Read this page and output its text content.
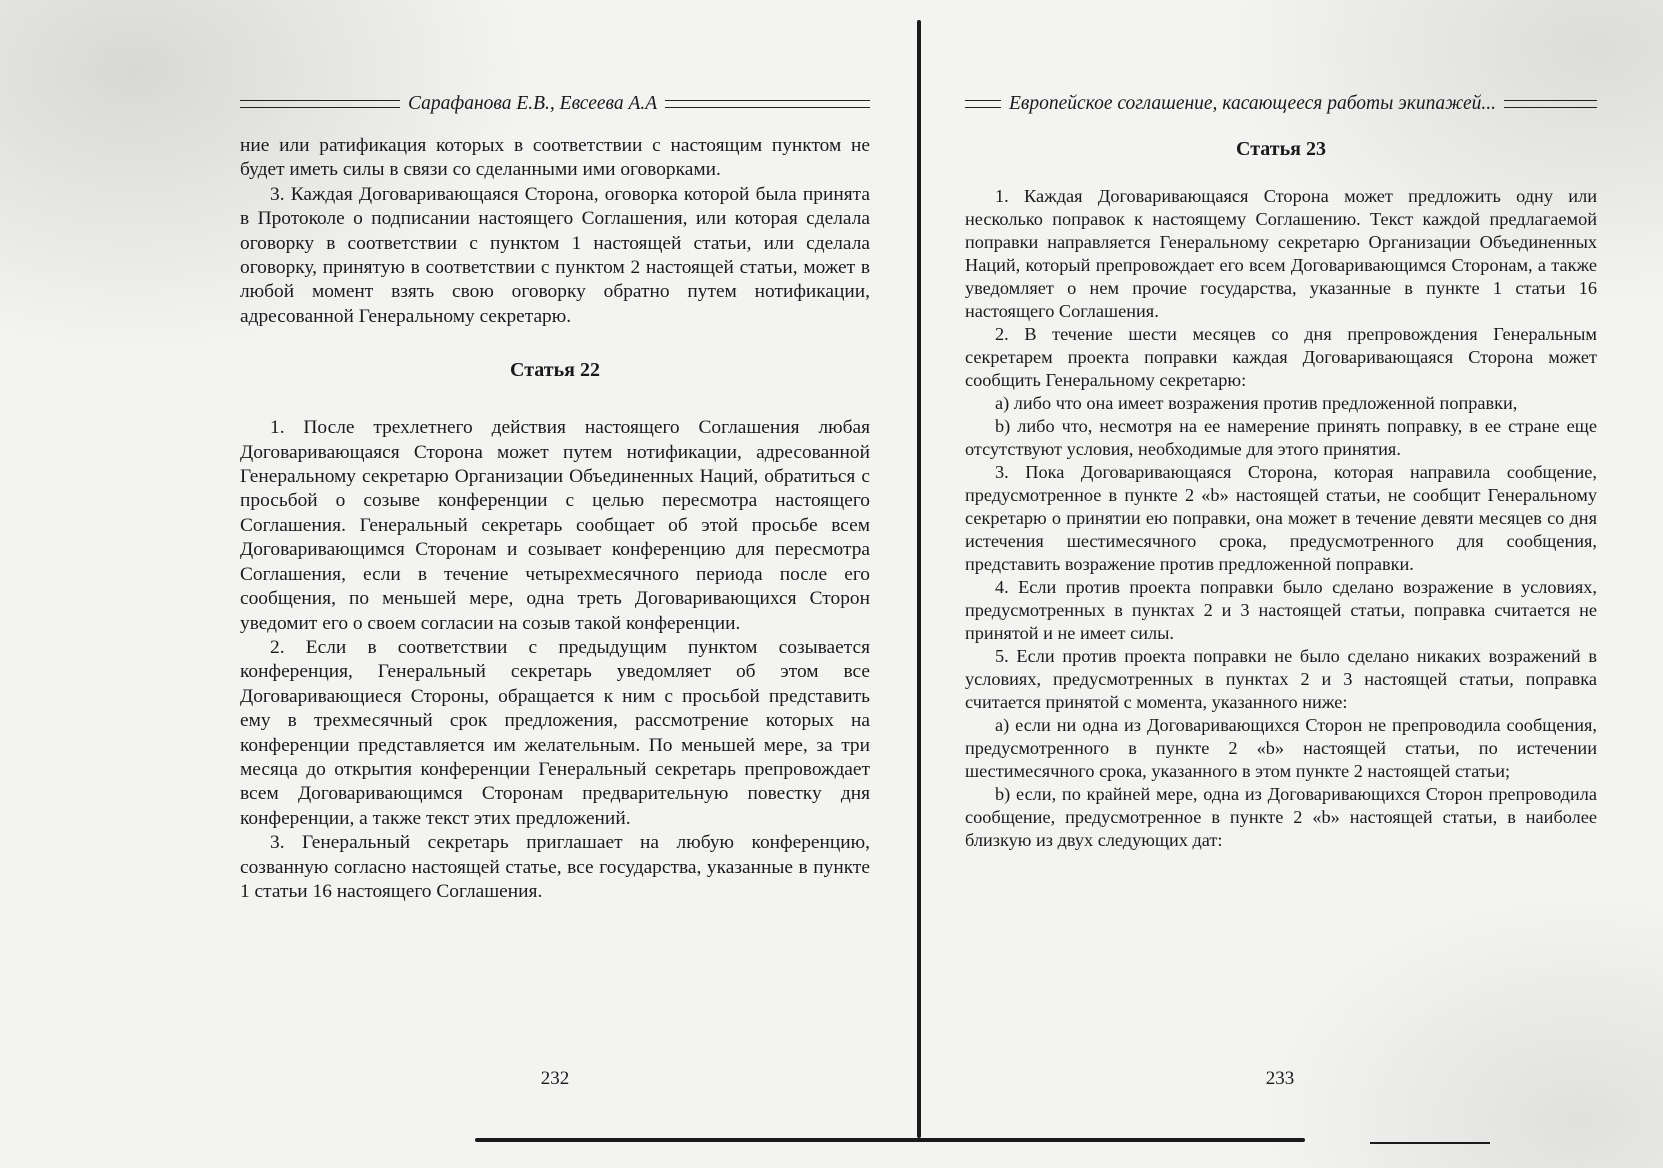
Сарафанова Е.В., Евсеева А.А

ние или ратификация которых в соответствии с настоящим пунктом не будет иметь силы в связи со сделанными ими оговорками.

3. Каждая Договаривающаяся Сторона, оговорка которой была принята в Протоколе о подписании настоящего Соглашения, или которая сделала оговорку в соответствии с пунктом 1 настоящей статьи, или сделала оговорку, принятую в соответствии с пунктом 2 настоящей статьи, может в любой момент взять свою оговорку обратно путем нотификации, адресованной Генеральному секретарю.

Статья 22

1. После трехлетнего действия настоящего Соглашения любая Договаривающаяся Сторона может путем нотификации, адресованной Генеральному секретарю Организации Объединенных Наций, обратиться с просьбой о созыве конференции с целью пересмотра настоящего Соглашения. Генеральный секретарь сообщает об этой просьбе всем Договаривающимся Сторонам и созывает конференцию для пересмотра Соглашения, если в течение четырехмесячного периода после его сообщения, по меньшей мере, одна треть Договаривающихся Сторон уведомит его о своем согласии на созыв такой конференции.

2. Если в соответствии с предыдущим пунктом созывается конференция, Генеральный секретарь уведомляет об этом все Договаривающиеся Стороны, обращается к ним с просьбой представить ему в трехмесячный срок предложения, рассмотрение которых на конференции представляется им желательным. По меньшей мере, за три месяца до открытия конференции Генеральный секретарь препровождает всем Договаривающимся Сторонам предварительную повестку дня конференции, а также текст этих предложений.

3. Генеральный секретарь приглашает на любую конференцию, созванную согласно настоящей статье, все государства, указанные в пункте 1 статьи 16 настоящего Соглашения.

232
Европейское соглашение, касающееся работы экипажей...
Статья 23

1. Каждая Договаривающаяся Сторона может предложить одну или несколько поправок к настоящему Соглашению. Текст каждой предлагаемой поправки направляется Генеральному секретарю Организации Объединенных Наций, который препровождает его всем Договаривающимся Сторонам, а также уведомляет о нем прочие государства, указанные в пункте 1 статьи 16 настоящего Соглашения.

2. В течение шести месяцев со дня препровождения Генеральным секретарем проекта поправки каждая Договаривающаяся Сторона может сообщить Генеральному секретарю:

a) либо что она имеет возражения против предложенной поправки,

b) либо что, несмотря на ее намерение принять поправку, в ее стране еще отсутствуют условия, необходимые для этого принятия.

3. Пока Договаривающаяся Сторона, которая направила сообщение, предусмотренное в пункте 2 «b» настоящей статьи, не сообщит Генеральному секретарю о принятии ею поправки, она может в течение девяти месяцев со дня истечения шестимесячного срока, предусмотренного для сообщения, представить возражение против предложенной поправки.

4. Если против проекта поправки было сделано возражение в условиях, предусмотренных в пунктах 2 и 3 настоящей статьи, поправка считается не принятой и не имеет силы.

5. Если против проекта поправки не было сделано никаких возражений в условиях, предусмотренных в пунктах 2 и 3 настоящей статьи, поправка считается принятой с момента, указанного ниже:

a) если ни одна из Договаривающихся Сторон не препроводила сообщения, предусмотренного в пункте 2 «b» настоящей статьи, по истечении шестимесячного срока, указанного в этом пункте 2 настоящей статьи;

b) если, по крайней мере, одна из Договаривающихся Сторон препроводила сообщение, предусмотренное в пункте 2 «b» настоящей статьи, в наиболее близкую из двух следующих дат:

233
